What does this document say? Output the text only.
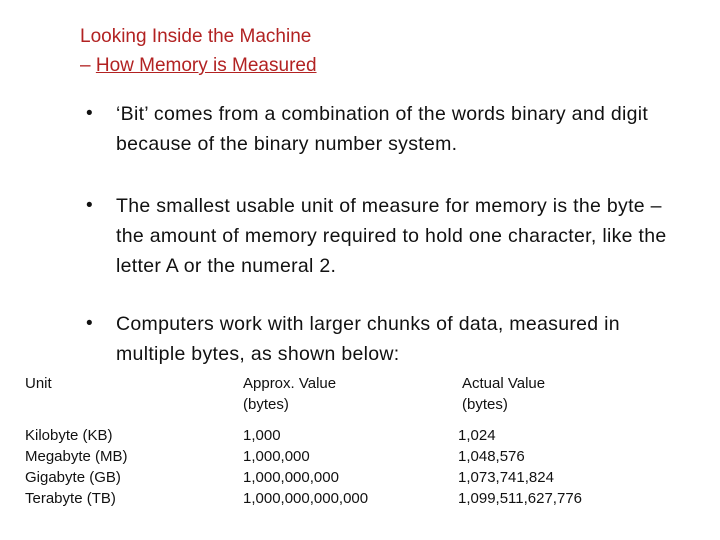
Looking Inside the Machine
– How Memory is Measured

• ‘Bit’ comes from a combination of the words binary and digit because of the binary number system.

• The smallest usable unit of measure for memory is the byte – the amount of memory required to hold one character, like the letter A or the numeral 2.

• Computers work with larger chunks of data, measured in multiple bytes, as shown below:

Unit
Kilobyte (KB)
Megabyte (MB)
Gigabyte (GB)
Terabyte (TB)
Approx. Value
(bytes)
1,000
1,000,000
1,000,000,000
1,000,000,000,000
Actual Value
(bytes)
1,024
1,048,576
1,073,741,824
1,099,511,627,776
